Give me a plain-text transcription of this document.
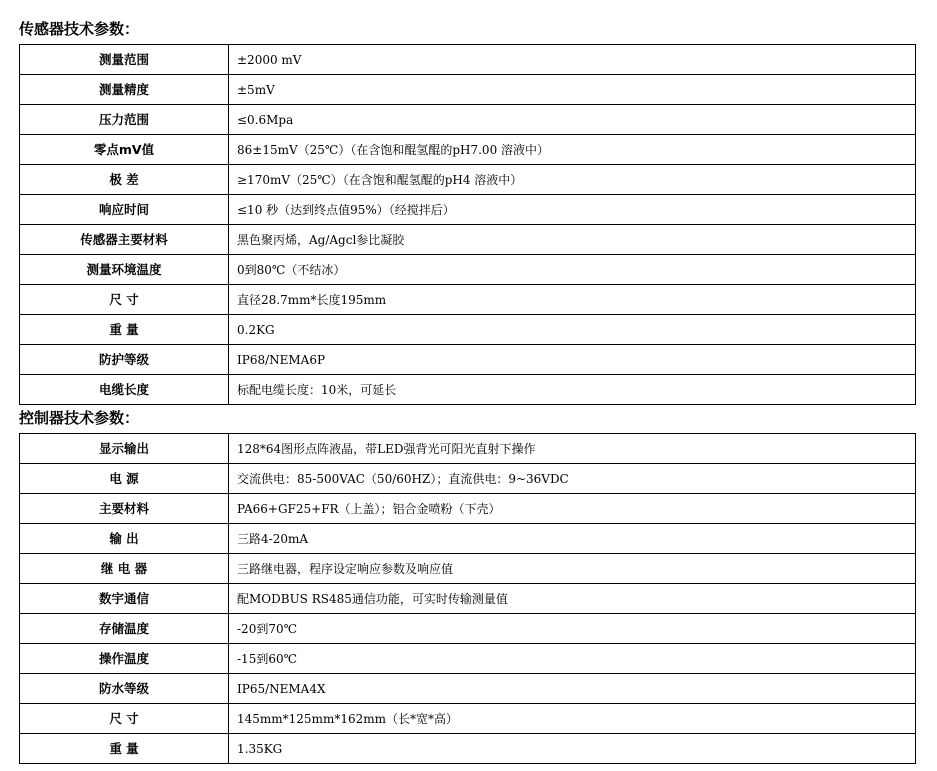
传感器技术参数：
测量范围	±2000 mV
测量精度	±5mV
压力范围	≤0.6Mpa
零点mV值	86±15mV（25℃）（在含饱和醌氢醌的pH7.00 溶液中）
极 差	≥170mV（25℃）（在含饱和醌氢醌的pH4 溶液中）
响应时间	≤10 秒（达到终点值95%）（经搅拌后）
传感器主要材料	黑色聚丙烯，Ag/Agcl参比凝胶
测量环境温度	0到80℃（不结冰）
尺 寸	直径28.7mm*长度195mm
重 量	0.2KG
防护等级	IP68/NEMA6P
电缆长度	标配电缆长度：10米，可延长
控制器技术参数：
显示输出	128*64图形点阵液晶，带LED强背光可阳光直射下操作
电 源	交流供电：85-500VAC（50/60HZ）；直流供电：9~36VDC
主要材料	PA66+GF25+FR（上盖）；铝合金喷粉（下壳）
输 出	三路4-20mA
继 电 器	三路继电器，程序设定响应参数及响应值
数宇通信	配MODBUS RS485通信功能，可实时传输测量值
存储温度	-20到70℃
操作温度	-15到60℃
防水等级	IP65/NEMA4X
尺 寸	145mm*125mm*162mm（长*宽*高）
重 量	1.35KG
